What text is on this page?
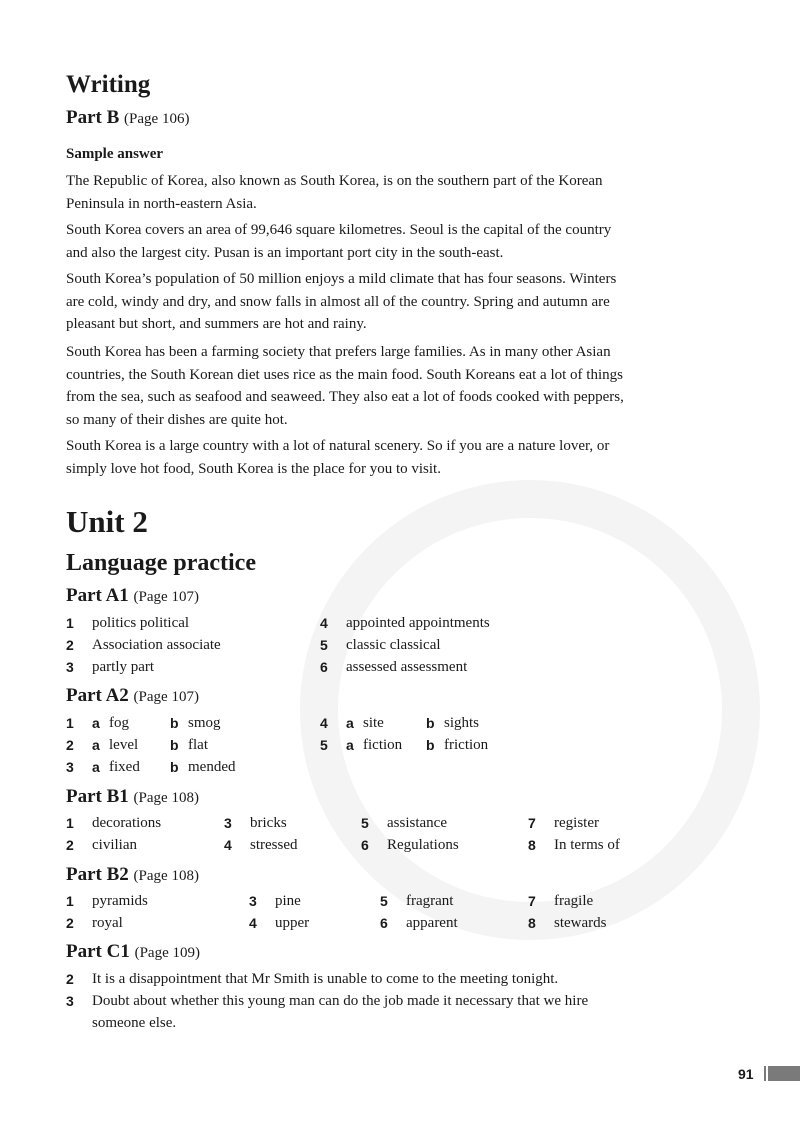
Writing
Part B (Page 106)
Sample answer
The Republic of Korea, also known as South Korea, is on the southern part of the Korean
Peninsula in north-eastern Asia.
South Korea covers an area of 99,646 square kilometres. Seoul is the capital of the country
and also the largest city. Pusan is an important port city in the south-east.
South Korea’s population of 50 million enjoys a mild climate that has four seasons. Winters
are cold, windy and dry, and snow falls in almost all of the country. Spring and autumn are
pleasant but short, and summers are hot and rainy.
South Korea has been a farming society that prefers large families. As in many other Asian
countries, the South Korean diet uses rice as the main food. South Koreans eat a lot of things
from the sea, such as seafood and seaweed. They also eat a lot of foods cooked with peppers,
so many of their dishes are quite hot.
South Korea is a large country with a lot of natural scenery. So if you are a nature lover, or
simply love hot food, South Korea is the place for you to visit.
Unit 2
Language practice
Part A1 (Page 107)
1 politics political
2 Association associate
3 partly part
4 appointed appointments
5 classic classical
6 assessed assessment
Part A2 (Page 107)
1 a fog	b smog
2 a level b flat
3 a fixed b mended
4 a site	b sights
5 a fiction b friction
Part B1 (Page 108)
1 decorations
2 civilian
3 bricks
4 stressed
5 assistance
6 Regulations
7 register
8 In terms of
Part B2 (Page 108)
1 pyramids
2 royal
3 pine
4 upper
5 fragrant
6 apparent
7 fragile
8 stewards
Part C1 (Page 109)
2 It is a disappointment that Mr Smith is unable to come to the meeting tonight.
3 Doubt about whether this young man can do the job made it necessary that we hire
someone else.
91
